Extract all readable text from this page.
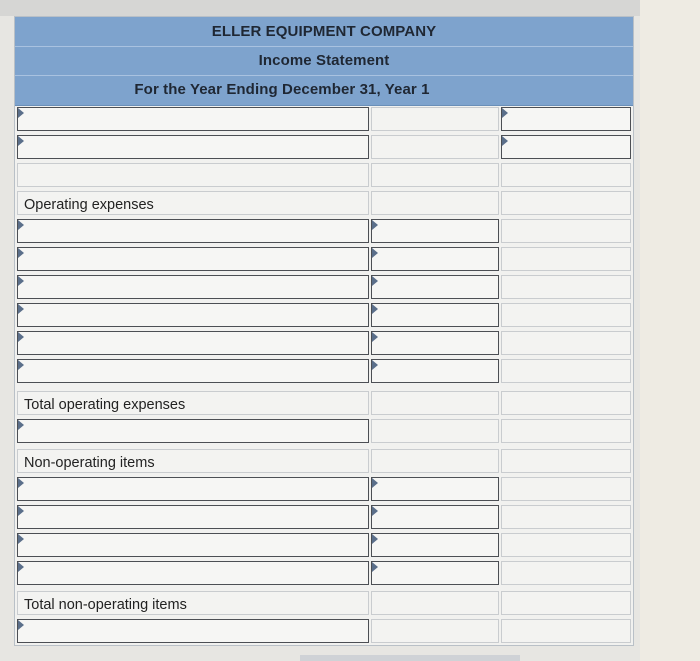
ELLER EQUIPMENT COMPANY
Income Statement
For the Year Ending December 31, Year 1
Operating expenses
Total operating expenses
Non-operating items
Total non-operating items
